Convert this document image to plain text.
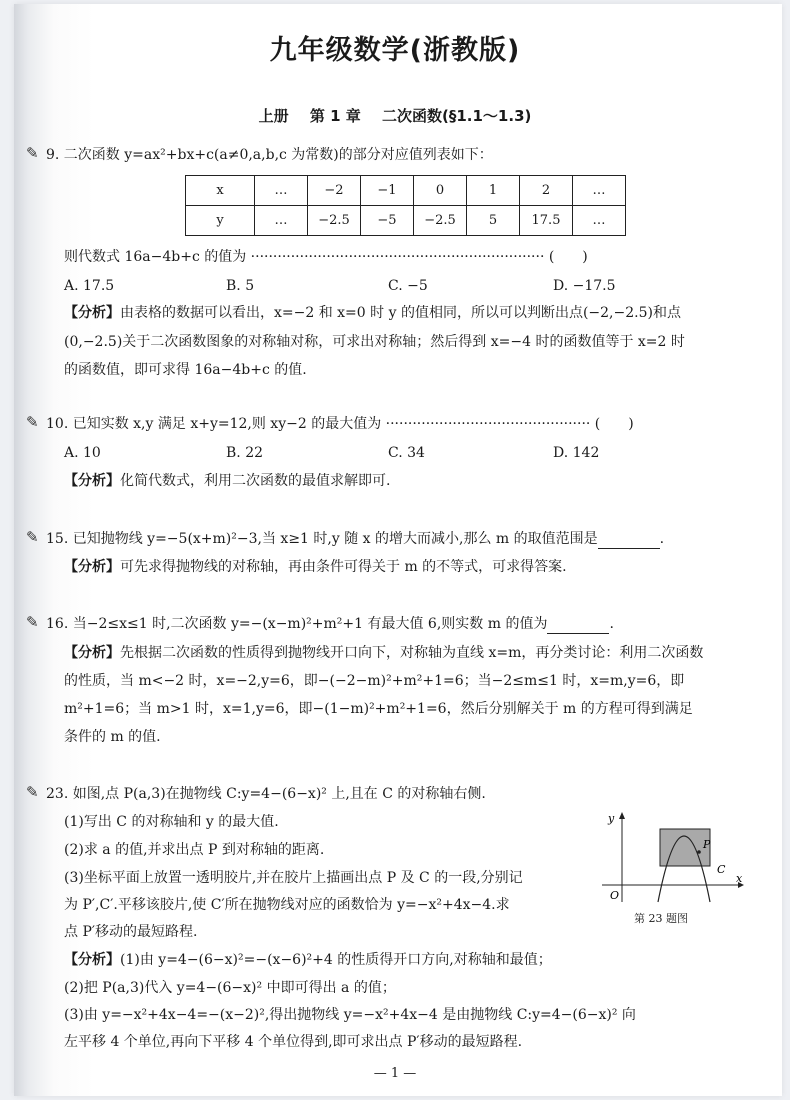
九年级数学(浙教版)
上册 第 1 章 二次函数(§1.1～1.3)
✎ 9. 二次函数 y=ax²+bx+c(a≠0,a,b,c 为常数)的部分对应值列表如下：
x	…	−2	−1	0	1	2	…
y	…	−2.5	−5	−2.5	5	17.5	…
则代数式 16a−4b+c 的值为 ·································································· (　　)
A. 17.5	B. 5	C. −5	D. −17.5
【分析】由表格的数据可以看出，x=−2 和 x=0 时 y 的值相同，所以可以判断出点(−2,−2.5)和点
(0,−2.5)关于二次函数图象的对称轴对称，可求出对称轴；然后得到 x=−4 时的函数值等于 x=2 时
的函数值，即可求得 16a−4b+c 的值.
✎ 10. 已知实数 x,y 满足 x+y=12,则 xy−2 的最大值为 ·············································· (　　)
A. 10	B. 22	C. 34	D. 142
【分析】化简代数式，利用二次函数的最值求解即可.
✎ 15. 已知抛物线 y=−5(x+m)²−3,当 x≥1 时,y 随 x 的增大而减小,那么 m 的取值范围是	.
【分析】可先求得抛物线的对称轴，再由条件可得关于 m 的不等式，可求得答案.
✎ 16. 当−2≤x≤1 时,二次函数 y=−(x−m)²+m²+1 有最大值 6,则实数 m 的值为	.
【分析】先根据二次函数的性质得到抛物线开口向下，对称轴为直线 x=m，再分类讨论：利用二次函数
的性质，当 m<−2 时，x=−2,y=6，即−(−2−m)²+m²+1=6；当−2≤m≤1 时，x=m,y=6，即
m²+1=6；当 m>1 时，x=1,y=6，即−(1−m)²+m²+1=6，然后分别解关于 m 的方程可得到满足
条件的 m 的值.
✎ 23. 如图,点 P(a,3)在抛物线 C:y=4−(6−x)² 上,且在 C 的对称轴右侧.
(1)写出 C 的对称轴和 y 的最大值.
(2)求 a 的值,并求出点 P 到对称轴的距离.
(3)坐标平面上放置一透明胶片,并在胶片上描画出点 P 及 C 的一段,分别记
为 P′,C′.平移该胶片,使 C′所在抛物线对应的函数恰为 y=−x²+4x−4.求
点 P′移动的最短路程.
y
x
O
P
C
第 23 题图
【分析】(1)由 y=4−(6−x)²=−(x−6)²+4 的性质得开口方向,对称轴和最值；
(2)把 P(a,3)代入 y=4−(6−x)² 中即可得出 a 的值；
(3)由 y=−x²+4x−4=−(x−2)²,得出抛物线 y=−x²+4x−4 是由抛物线 C:y=4−(6−x)² 向
左平移 4 个单位,再向下平移 4 个单位得到,即可求出点 P′移动的最短路程.
— 1 —
